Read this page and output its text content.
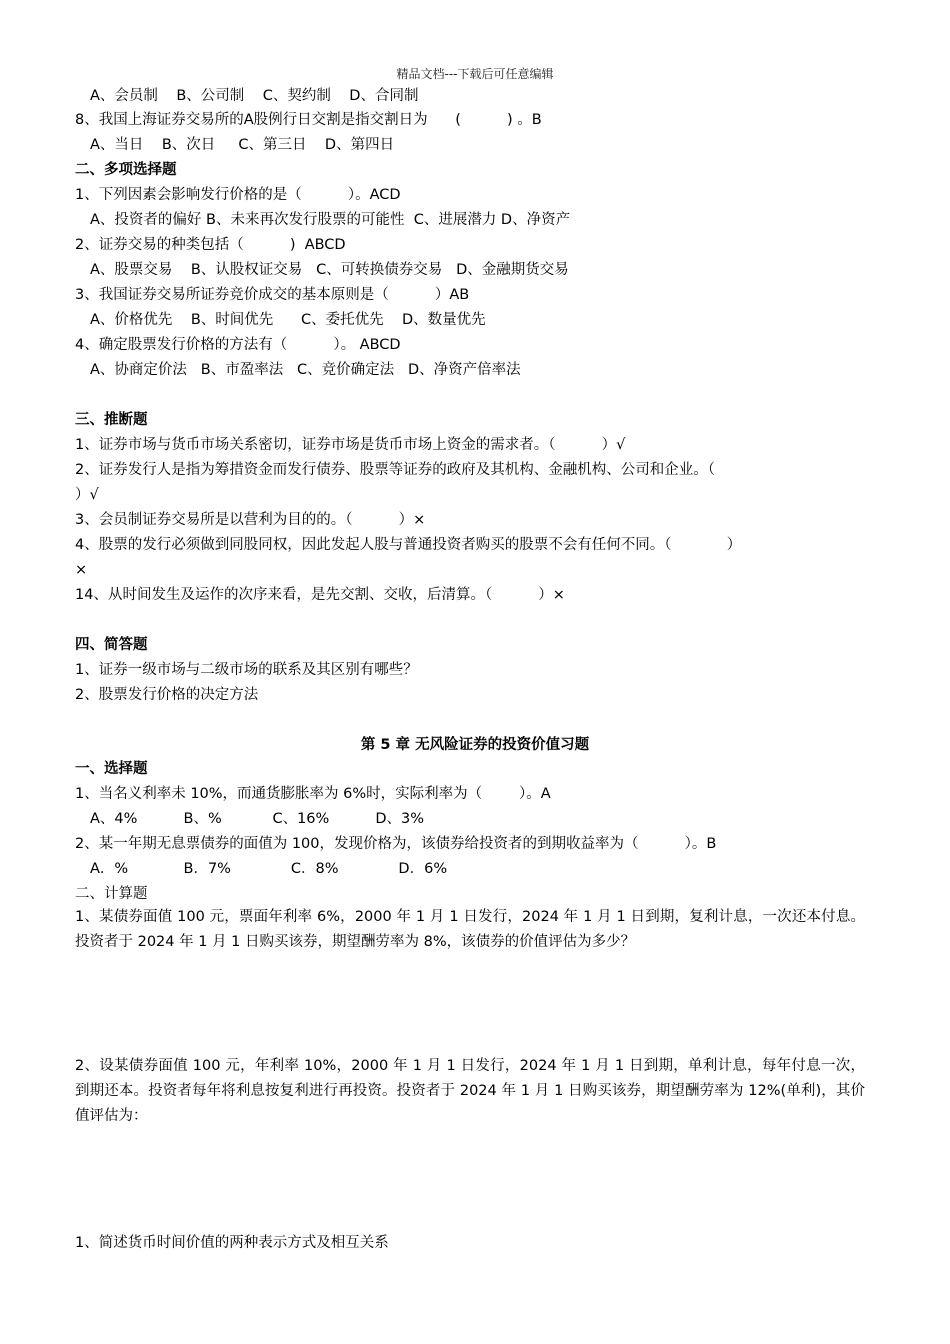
精品文档---下载后可任意编辑
A、会员制    B、公司制    C、契约制    D、合同制
8、我国上海证券交易所的A股例行日交割是指交割日为      (          ) 。B
A、当日    B、次日     C、第三日    D、第四日
二、多项选择题
1、下列因素会影响发行价格的是（          ）。ACD
A、投资者的偏好 B、未来再次发行股票的可能性  C、进展潜力 D、净资产
2、证券交易的种类包括（          )  ABCD
A、股票交易    B、认股权证交易   C、可转换债券交易   D、金融期货交易
3、我国证券交易所证券竞价成交的基本原则是（          ）AB
A、价格优先    B、时间优先      C、委托优先    D、数量优先
4、确定股票发行价格的方法有（          ）。 ABCD
A、协商定价法   B、市盈率法   C、竞价确定法   D、净资产倍率法
三、推断题
1、证券市场与货币市场关系密切，证券市场是货币市场上资金的需求者。（          ）√
2、证券发行人是指为筹措资金而发行债券、股票等证券的政府及其机构、金融机构、公司和企业。（
）√
3、会员制证券交易所是以营利为目的的。（          ）×
4、股票的发行必须做到同股同权，因此发起人股与普通投资者购买的股票不会有任何不同。（            ）
×
14、从时间发生及运作的次序来看，是先交割、交收，后清算。（          ）×
四、简答题
1、证券一级市场与二级市场的联系及其区别有哪些？
2、股票发行价格的决定方法
第 5 章 无风险证券的投资价值习题
一、选择题
1、当名义利率未 10%，而通货膨胀率为 6%时，实际利率为（        ）。A
A、4%          B、%           C、16%          D、3%
2、某一年期无息票债券的面值为 100，发现价格为，该债券给投资者的到期收益率为（          ）。B
A．%            B．7%             C．8%             D．6%
二、计算题
1、某债券面值 100 元，票面年利率 6%，2000 年 1 月 1 日发行，2024 年 1 月 1 日到期，复利计息，一次还本付息。投资者于 2024 年 1 月 1 日购买该券，期望酬劳率为 8%，该债券的价值评估为多少？
2、设某债券面值 100 元，年利率 10%，2000 年 1 月 1 日发行，2024 年 1 月 1 日到期，单利计息，每年付息一次，到期还本。投资者每年将利息按复利进行再投资。投资者于 2024 年 1 月 1 日购买该券，期望酬劳率为 12%(单利)，其价值评估为：
1、简述货币时间价值的两种表示方式及相互关系
